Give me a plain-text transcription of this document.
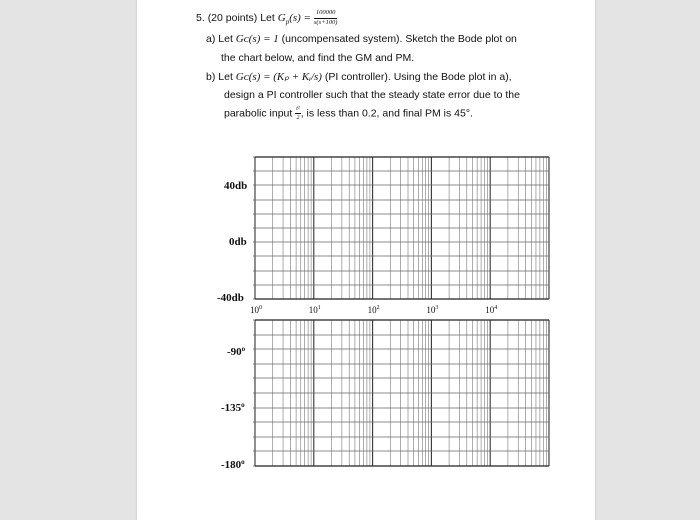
5. (20 points) Let $G_p(s) = \frac{100000}{s(s+100)}$
a) Let Gᴄ(s) = 1 (uncompensated system). Sketch the Bode plot on
the chart below, and find the GM and PM.
b) Let Gᴄ(s) = (Kₚ + Kᵢ/s) (PI controller). Using the Bode plot in a),
design a PI controller such that the steady state error due to the
parabolic input $\frac{\text{t²}}{2}$ , is less than 0.2, and final PM is 45°.
40db
0db
-40db
-90$^o$
-135$^o$
-180$^o$
$10^0$	$10^1$	$10^2$	$10^3$	$10^4$
